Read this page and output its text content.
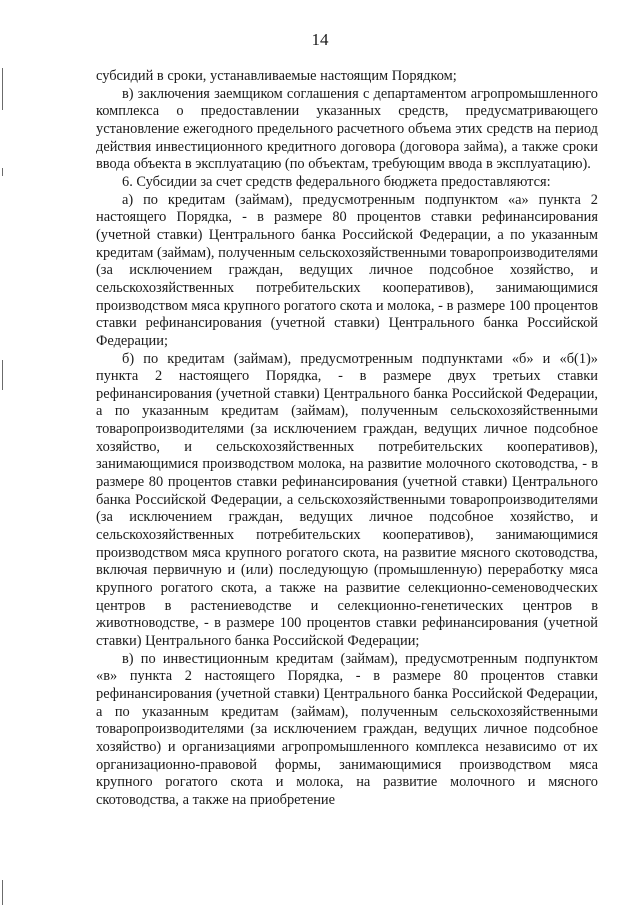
14

субсидий в сроки, устанавливаемые настоящим Порядком;

в) заключения заемщиком соглашения с департаментом агропромышленного комплекса о предоставлении указанных средств, предусматривающего установление ежегодного предельного расчетного объема этих средств на период действия инвестиционного кредитного договора (договора займа), а также сроки ввода объекта в эксплуатацию (по объектам, требующим ввода в эксплуатацию).

6. Субсидии за счет средств федерального бюджета предоставляются:

а) по кредитам (займам), предусмотренным подпунктом «а» пункта 2 настоящего Порядка, - в размере 80 процентов ставки рефинансирования (учетной ставки) Центрального банка Российской Федерации, а по указанным кредитам (займам), полученным сельскохозяйственными товаропроизводителями (за исключением граждан, ведущих личное подсобное хозяйство, и сельскохозяйственных потребительских кооперативов), занимающимися производством мяса крупного рогатого скота и молока, - в размере 100 процентов ставки рефинансирования (учетной ставки) Центрального банка Российской Федерации;

б) по кредитам (займам), предусмотренным подпунктами «б» и «б(1)» пункта 2 настоящего Порядка, - в размере двух третьих ставки рефинансирования (учетной ставки) Центрального банка Российской Федерации, а по указанным кредитам (займам), полученным сельскохозяйственными товаропроизводителями (за исключением граждан, ведущих личное подсобное хозяйство, и сельскохозяйственных потребительских кооперативов), занимающимися производством молока, на развитие молочного скотоводства, - в размере 80 процентов ставки рефинансирования (учетной ставки) Центрального банка Российской Федерации, а сельскохозяйственными товаропроизводителями (за исключением граждан, ведущих личное подсобное хозяйство, и сельскохозяйственных потребительских кооперативов), занимающимися производством мяса крупного рогатого скота, на развитие мясного скотоводства, включая первичную и (или) последующую (промышленную) переработку мяса крупного рогатого скота, а также на развитие селекционно-семеноводческих центров в растениеводстве и селекционно-генетических центров в животноводстве, - в размере 100 процентов ставки рефинансирования (учетной ставки) Центрального банка Российской Федерации;

в) по инвестиционным кредитам (займам), предусмотренным подпунктом «в» пункта 2 настоящего Порядка, - в размере 80 процентов ставки рефинансирования (учетной ставки) Центрального банка Российской Федерации, а по указанным кредитам (займам), полученным сельскохозяйственными товаропроизводителями (за исключением граждан, ведущих личное подсобное хозяйство) и организациями агропромышленного комплекса независимо от их организационно-правовой формы, занимающимися производством мяса крупного рогатого скота и молока, на развитие молочного и мясного скотоводства, а также на приобретение
